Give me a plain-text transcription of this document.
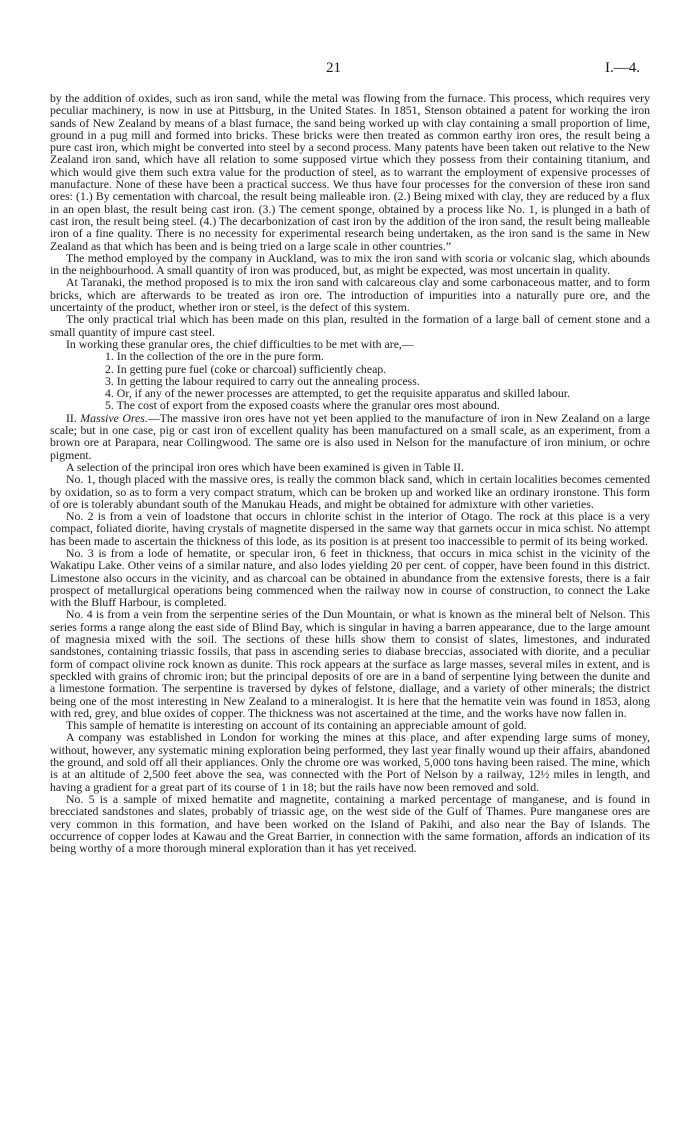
21	I.—4.

by the addition of oxides, such as iron sand, while the metal was flowing from the furnace. This process, which requires very peculiar machinery, is now in use at Pittsburg, in the United States. In 1851, Stenson obtained a patent for working the iron sands of New Zealand by means of a blast furnace, the sand being worked up with clay containing a small proportion of lime, ground in a pug mill and formed into bricks. These bricks were then treated as common earthy iron ores, the result being a pure cast iron, which might be converted into steel by a second process. Many patents have been taken out relative to the New Zealand iron sand, which have all relation to some supposed virtue which they possess from their containing titanium, and which would give them such extra value for the production of steel, as to warrant the employment of expensive processes of manufacture. None of these have been a practical success. We thus have four processes for the conversion of these iron sand ores: (1.) By cementation with charcoal, the result being malleable iron. (2.) Being mixed with clay, they are reduced by a flux in an open blast, the result being cast iron. (3.) The cement sponge, obtained by a process like No. 1, is plunged in a bath of cast iron, the result being steel. (4.) The decarbonization of cast iron by the addition of the iron sand, the result being malleable iron of a fine quality. There is no necessity for experimental research being undertaken, as the iron sand is the same in New Zealand as that which has been and is being tried on a large scale in other countries.”

The method employed by the company in Auckland, was to mix the iron sand with scoria or volcanic slag, which abounds in the neighbourhood. A small quantity of iron was produced, but, as might be expected, was most uncertain in quality.

At Taranaki, the method proposed is to mix the iron sand with calcareous clay and some carbonaceous matter, and to form bricks, which are afterwards to be treated as iron ore. The introduction of impurities into a naturally pure ore, and the uncertainty of the product, whether iron or steel, is the defect of this system.

The only practical trial which has been made on this plan, resulted in the formation of a large ball of cement stone and a small quantity of impure cast steel.

In working these granular ores, the chief difficulties to be met with are,—

1. In the collection of the ore in the pure form.
2. In getting pure fuel (coke or charcoal) sufficiently cheap.
3. In getting the labour required to carry out the annealing process.
4. Or, if any of the newer processes are attempted, to get the requisite apparatus and skilled labour.
5. The cost of export from the exposed coasts where the granular ores most abound.

II. Massive Ores.—The massive iron ores have not yet been applied to the manufacture of iron in New Zealand on a large scale; but in one case, pig or cast iron of excellent quality has been manufactured on a small scale, as an experiment, from a brown ore at Parapara, near Collingwood. The same ore is also used in Nelson for the manufacture of iron minium, or ochre pigment.

A selection of the principal iron ores which have been examined is given in Table II.

No. 1, though placed with the massive ores, is really the common black sand, which in certain localities becomes cemented by oxidation, so as to form a very compact stratum, which can be broken up and worked like an ordinary ironstone. This form of ore is tolerably abundant south of the Manukau Heads, and might be obtained for admixture with other varieties.

No. 2 is from a vein of loadstone that occurs in chlorite schist in the interior of Otago. The rock at this place is a very compact, foliated diorite, having crystals of magnetite dispersed in the same way that garnets occur in mica schist. No attempt has been made to ascertain the thickness of this lode, as its position is at present too inaccessible to permit of its being worked.

No. 3 is from a lode of hematite, or specular iron, 6 feet in thickness, that occurs in mica schist in the vicinity of the Wakatipu Lake. Other veins of a similar nature, and also lodes yielding 20 per cent. of copper, have been found in this district. Limestone also occurs in the vicinity, and as charcoal can be obtained in abundance from the extensive forests, there is a fair prospect of metallurgical operations being commenced when the railway now in course of construction, to connect the Lake with the Bluff Harbour, is completed.

No. 4 is from a vein from the serpentine series of the Dun Mountain, or what is known as the mineral belt of Nelson. This series forms a range along the east side of Blind Bay, which is singular in having a barren appearance, due to the large amount of magnesia mixed with the soil. The sections of these hills show them to consist of slates, limestones, and indurated sandstones, containing triassic fossils, that pass in ascending series to diabase breccias, associated with diorite, and a peculiar form of compact olivine rock known as dunite. This rock appears at the surface as large masses, several miles in extent, and is speckled with grains of chromic iron; but the principal deposits of ore are in a band of serpentine lying between the dunite and a limestone formation. The serpentine is traversed by dykes of felstone, diallage, and a variety of other minerals; the district being one of the most interesting in New Zealand to a mineralogist. It is here that the hematite vein was found in 1853, along with red, grey, and blue oxides of copper. The thickness was not ascertained at the time, and the works have now fallen in.

This sample of hematite is interesting on account of its containing an appreciable amount of gold.

A company was established in London for working the mines at this place, and after expending large sums of money, without, however, any systematic mining exploration being performed, they last year finally wound up their affairs, abandoned the ground, and sold off all their appliances. Only the chrome ore was worked, 5,000 tons having been raised. The mine, which is at an altitude of 2,500 feet above the sea, was connected with the Port of Nelson by a railway, 12½ miles in length, and having a gradient for a great part of its course of 1 in 18; but the rails have now been removed and sold.

No. 5 is a sample of mixed hematite and magnetite, containing a marked percentage of manganese, and is found in brecciated sandstones and slates, probably of triassic age, on the west side of the Gulf of Thames. Pure manganese ores are very common in this formation, and have been worked on the Island of Pakihi, and also near the Bay of Islands. The occurrence of copper lodes at Kawau and the Great Barrier, in connection with the same formation, affords an indication of its being worthy of a more thorough mineral exploration than it has yet received.
